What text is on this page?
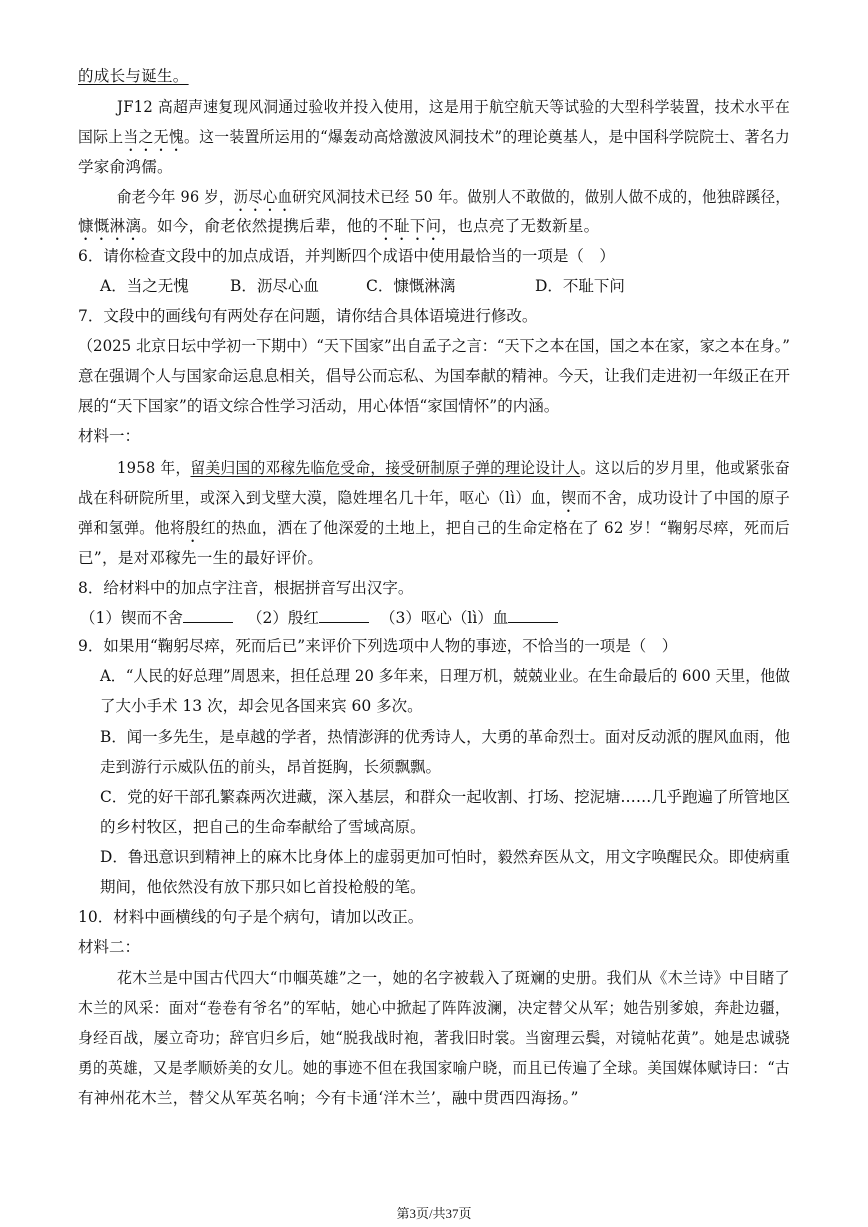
的成长与诞生。
JF12 高超声速复现风洞通过验收并投入使用，这是用于航空航天等试验的大型科学装置，技术水平在
国际上当之无愧。这一装置所运用的“爆轰动高焓激波风洞技术”的理论奠基人，是中国科学院院士、著名力
学家俞鸿儒。
俞老今年 96 岁，沥尽心血研究风洞技术已经 50 年。做别人不敢做的，做别人做不成的，他独辟蹊径，
慷慨淋漓。如今，俞老依然提携后辈，他的不耻下问，也点亮了无数新星。
6．请你检查文段中的加点成语，并判断四个成语中使用最恰当的一项是（　）
A．当之无愧	B．沥尽心血	C．慷慨淋漓	D．不耻下问
7．文段中的画线句有两处存在问题，请你结合具体语境进行修改。
（2025 北京日坛中学初一下期中）“天下国家”出自孟子之言：“天下之本在国，国之本在家，家之本在身。”
意在强调个人与国家命运息息相关，倡导公而忘私、为国奉献的精神。今天，让我们走进初一年级正在开
展的“天下国家”的语文综合性学习活动，用心体悟“家国情怀”的内涵。
材料一：
1958 年，留美归国的邓稼先临危受命，接受研制原子弹的理论设计人。这以后的岁月里，他或紧张奋
战在科研院所里，或深入到戈壁大漠，隐姓埋名几十年，呕心（lì）血，锲而不舍，成功设计了中国的原子
弹和氢弹。他将殷红的热血，洒在了他深爱的土地上，把自己的生命定格在了 62 岁！“鞠躬尽瘁，死而后
已”，是对邓稼先一生的最好评价。
8．给材料中的加点字注音，根据拼音写出汉字。
（1）锲而不舍	（2）殷红	（3）呕心（lì）血
9．如果用“鞠躬尽瘁，死而后已”来评价下列选项中人物的事迹，不恰当的一项是（　）
A．“人民的好总理”周恩来，担任总理 20 多年来，日理万机，兢兢业业。在生命最后的 600 天里，他做
了大小手术 13 次，却会见各国来宾 60 多次。
B．闻一多先生，是卓越的学者，热情澎湃的优秀诗人，大勇的革命烈士。面对反动派的腥风血雨，他
走到游行示威队伍的前头，昂首挺胸，长须飘飘。
C．党的好干部孔繁森两次进藏，深入基层，和群众一起收割、打场、挖泥塘……几乎跑遍了所管地区
的乡村牧区，把自己的生命奉献给了雪域高原。
D．鲁迅意识到精神上的麻木比身体上的虚弱更加可怕时，毅然弃医从文，用文字唤醒民众。即使病重
期间，他依然没有放下那只如匕首投枪般的笔。
10．材料中画横线的句子是个病句，请加以改正。
材料二：
花木兰是中国古代四大“巾帼英雄”之一，她的名字被载入了斑斓的史册。我们从《木兰诗》中目睹了
木兰的风采：面对“卷卷有爷名”的军帖，她心中掀起了阵阵波澜，决定替父从军；她告别爹娘，奔赴边疆，
身经百战，屡立奇功；辞官归乡后，她“脱我战时袍，著我旧时裳。当窗理云鬓，对镜帖花黄”。她是忠诚骁
勇的英雄，又是孝顺娇美的女儿。她的事迹不但在我国家喻户晓，而且已传遍了全球。美国媒体赋诗曰：“古
有神州花木兰，替父从军英名响；今有卡通‘洋木兰’，融中贯西四海扬。”
第3页/共37页
